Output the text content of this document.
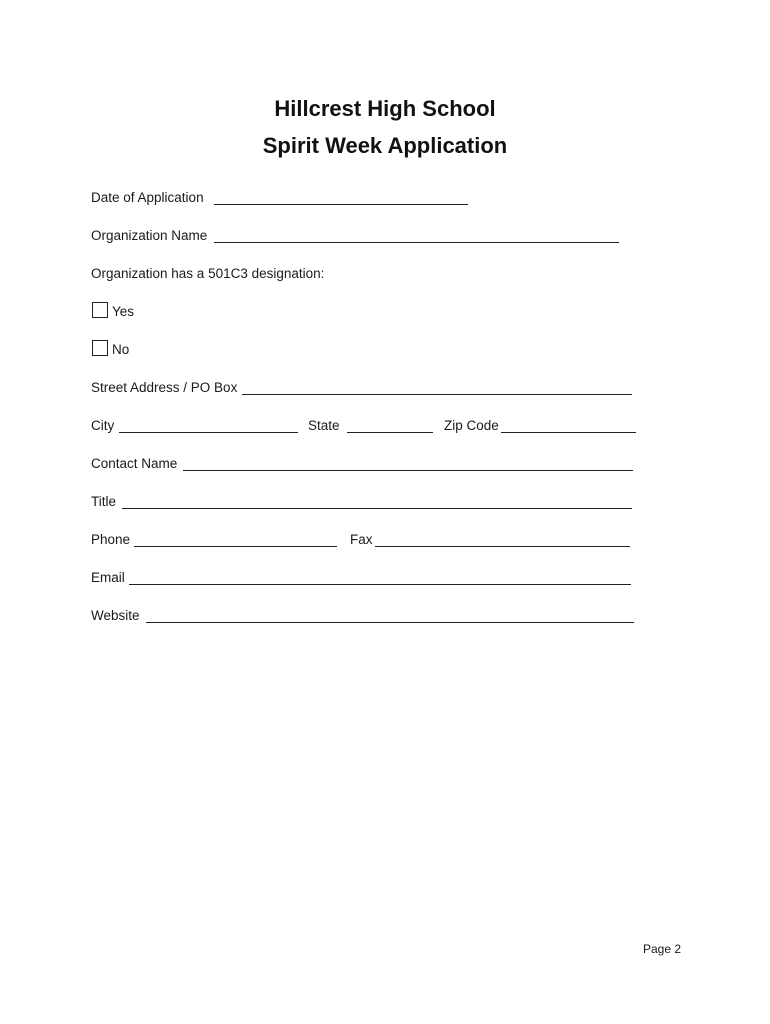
Hillcrest High School
Spirit Week Application
Date of Application
Organization Name
Organization has a 501C3 designation:
Yes
No
Street Address / PO Box
City	State	Zip Code
Contact Name
Title
Phone	Fax
Email
Website
Page 2
